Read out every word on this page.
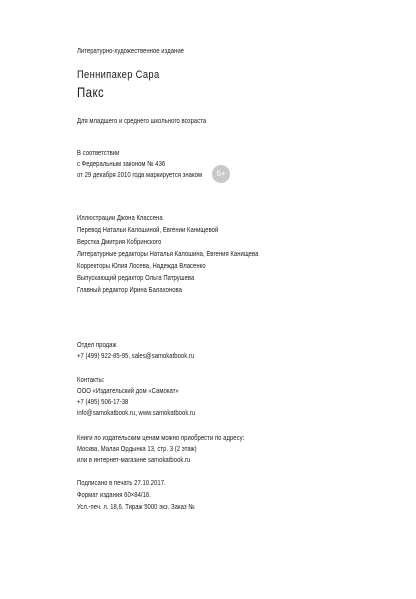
Литературно-художественное издание
Пеннипакер Сара
Пакс
Для младшего и среднего школьного возраста
В соответствии
с Федеральным законом № 436
от 29 декабря 2010 года маркируется знаком	6+
Иллюстрации Джона Классена
Перевод Натальи Калошиной, Евгении Канищевой
Верстка Дмитрия Кобринского
Литературные редакторы Наталья Калошина, Евгения Канищева
Корректоры Юлия Лосева, Надежда Власенко
Выпускающий редактор Ольга Патрушева
Главный редактор Ирина Балахонова
Отдел продаж
+7 (499) 922-85-95, sales@samokatbook.ru
Контакты:
ООО «Издательский дом «Самокат»
+7 (495) 506-17-38
info@samokatbook.ru, www.samokatbook.ru
Книги по издательским ценам можно приобрести по адресу:
Москва, Малая Ордынка 13, стр. 3 (2 этаж)
или в интернет-магазине samokatbook.ru
Подписано в печать 27.10.2017.
Формат издания 60×84/16.
Усл.-печ. л. 18,6. Тираж 5000 экз. Заказ №
